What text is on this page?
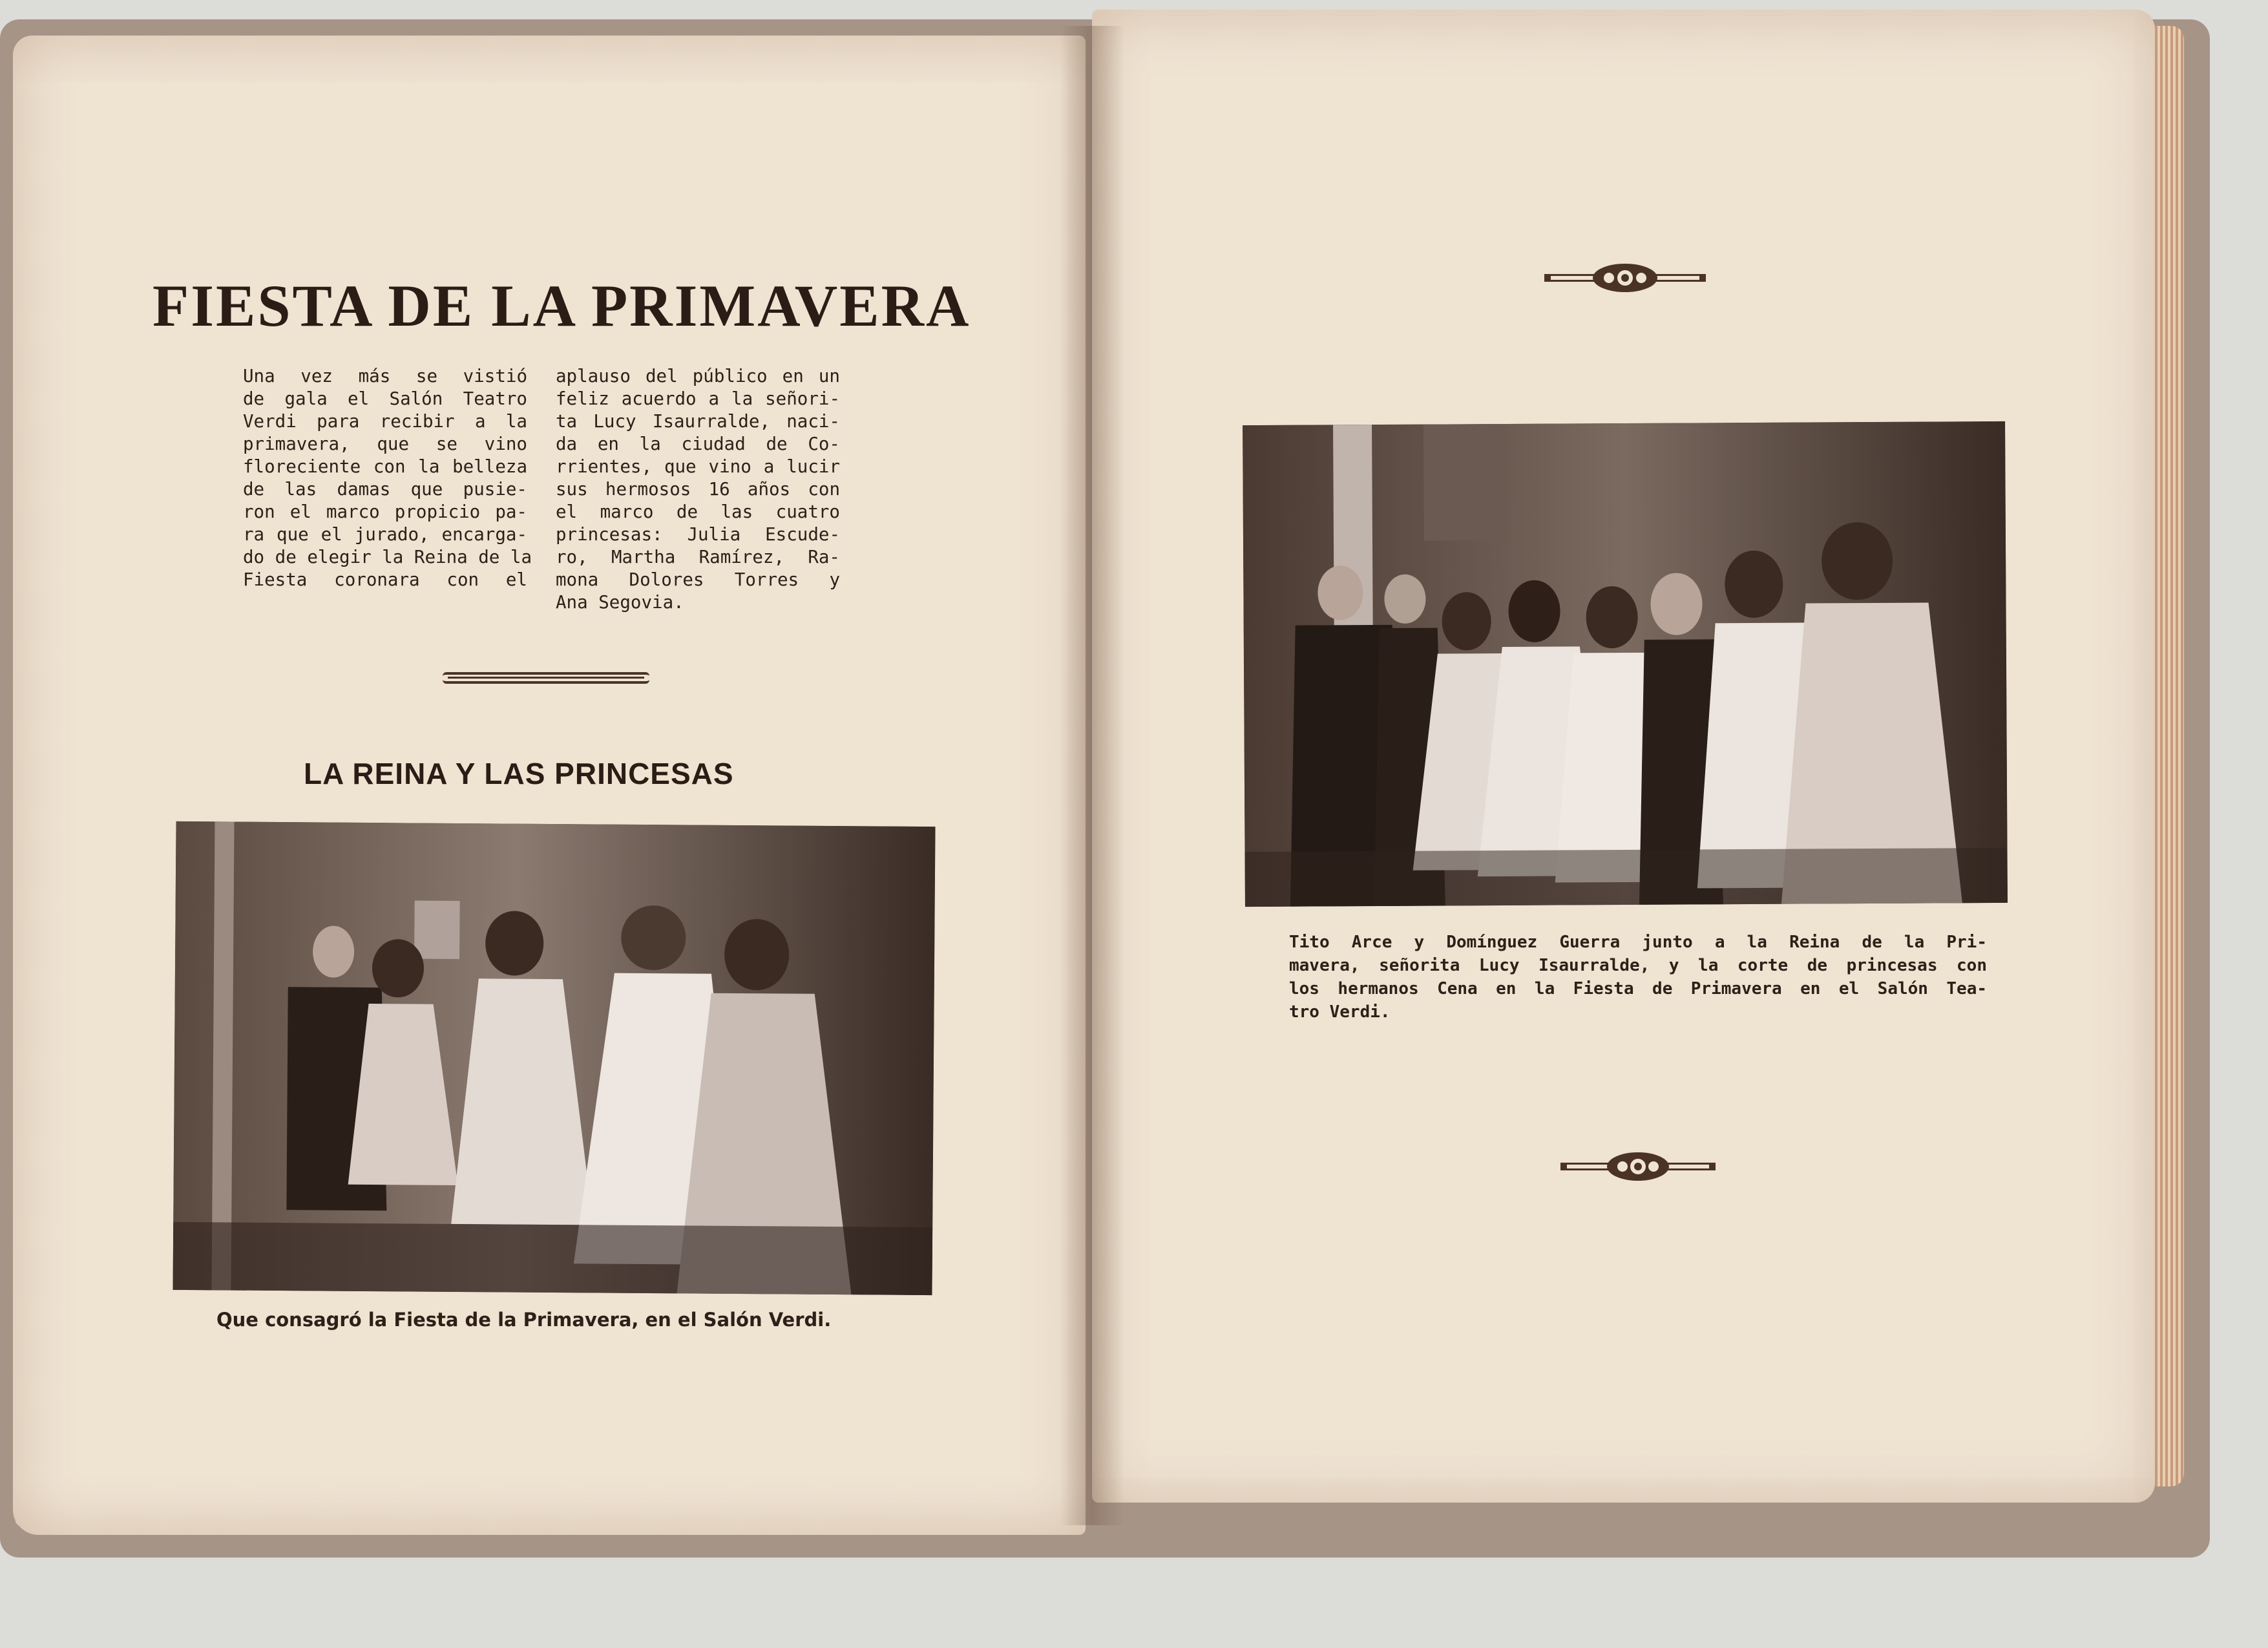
FIESTA DE LA PRIMAVERA
Una vez más se vistió
de gala el Salón Teatro
Verdi para recibir a la
primavera, que se vino
floreciente con la belleza
de las damas que pusie-
ron el marco propicio pa-
ra que el jurado, encarga-
do de elegir la Reina de la
Fiesta coronara con el
aplauso del público en un
feliz acuerdo a la señori-
ta Lucy Isaurralde, naci-
da en la ciudad de Co-
rrientes, que vino a lucir
sus hermosos 16 años con
el marco de las cuatro
princesas: Julia Escude-
ro, Martha Ramírez, Ra-
mona Dolores Torres y
Ana Segovia.
LA REINA Y LAS PRINCESAS

Que consagró la Fiesta de la Primavera, en el Salón Verdi.

Tito Arce y Domínguez Guerra junto a la Reina de la Pri-
mavera, señorita Lucy Isaurralde, y la corte de princesas con
los hermanos Cena en la Fiesta de Primavera en el Salón Tea-
tro Verdi.
